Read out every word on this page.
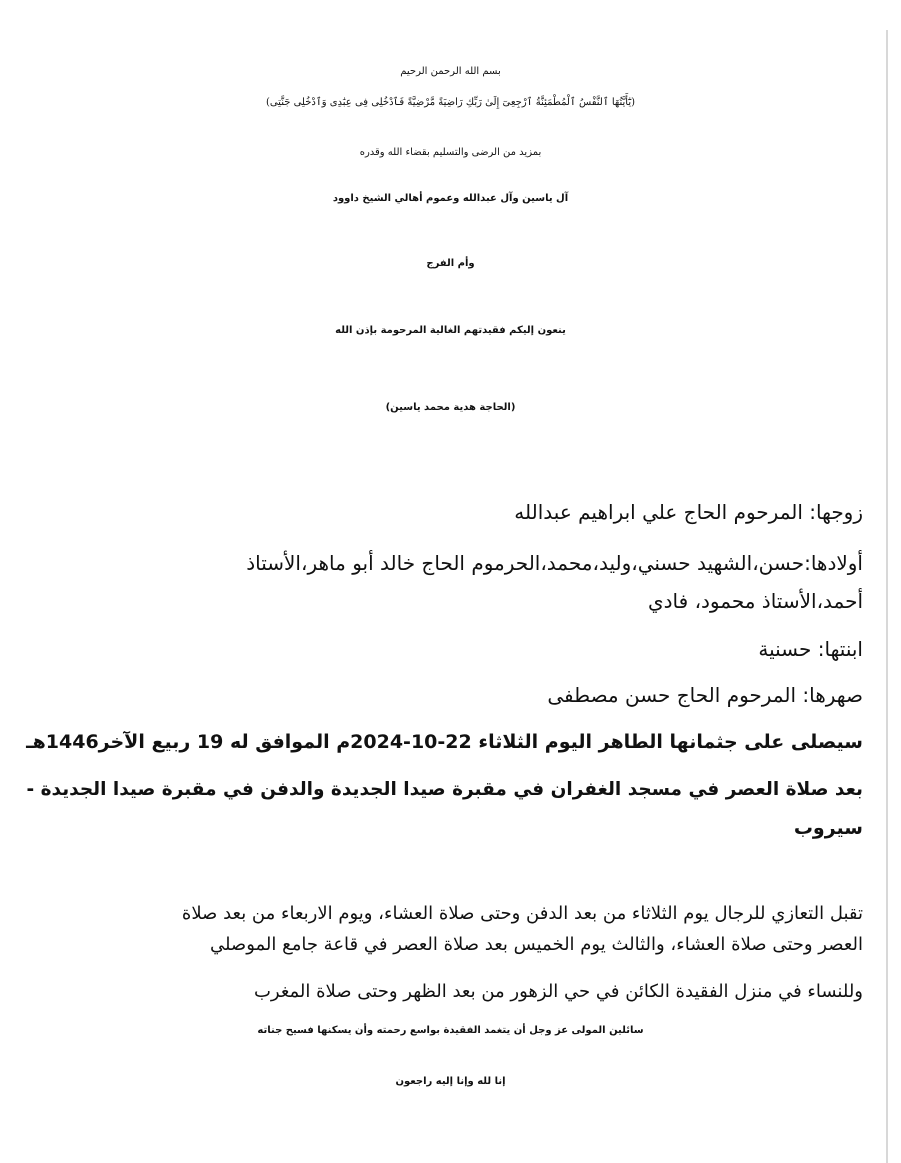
بسم الله الرحمن الرحيم
(يَٰٓأَيَّتُهَا ٱلنَّفْسُ ٱلْمُطْمَئِنَّةُ ٱرْجِعِىٓ إِلَىٰ رَبِّكِ رَاضِيَةً مَّرْضِيَّةً فَٱدْخُلِى فِى عِبَٰدِى وَٱدْخُلِى جَنَّتِى)
بمزيد من الرضى والتسليم بقضاء الله وقدره
آل ياسين وآل عبدالله وعموم أهالي الشيخ داوود
وأم الفرج
ينعون إليكم فقيدتهم الغالية المرحومة بإذن الله
(الحاجة هدية محمد ياسين)
زوجها: المرحوم الحاج علي ابراهيم عبدالله
أولادها:حسن،الشهيد حسني،وليد،محمد،الحرموم الحاج خالد أبو ماهر،الأستاذ
أحمد،الأستاذ محمود، فادي
ابنتها: حسنية
صهرها: المرحوم الحاج حسن مصطفى
سيصلى على جثمانها الطاهر اليوم الثلاثاء 22-10-2024م الموافق له 19 ربيع الآخر1446هـ
بعد صلاة العصر في مسجد الغفران في مقبرة صيدا الجديدة والدفن في مقبرة صيدا الجديدة -
سيروب
تقبل التعازي للرجال يوم الثلاثاء من بعد الدفن وحتى صلاة العشاء، ويوم الاربعاء من بعد صلاة
العصر وحتى صلاة العشاء، والثالث يوم الخميس بعد صلاة العصر في قاعة جامع الموصلي
وللنساء في منزل الفقيدة الكائن في حي الزهور من بعد الظهر وحتى صلاة المغرب
سائلين المولى عز وجل أن يتغمد الفقيدة بواسع رحمته وأن يسكنها فسيح جناته
إنا لله وإنا إليه راجعون
